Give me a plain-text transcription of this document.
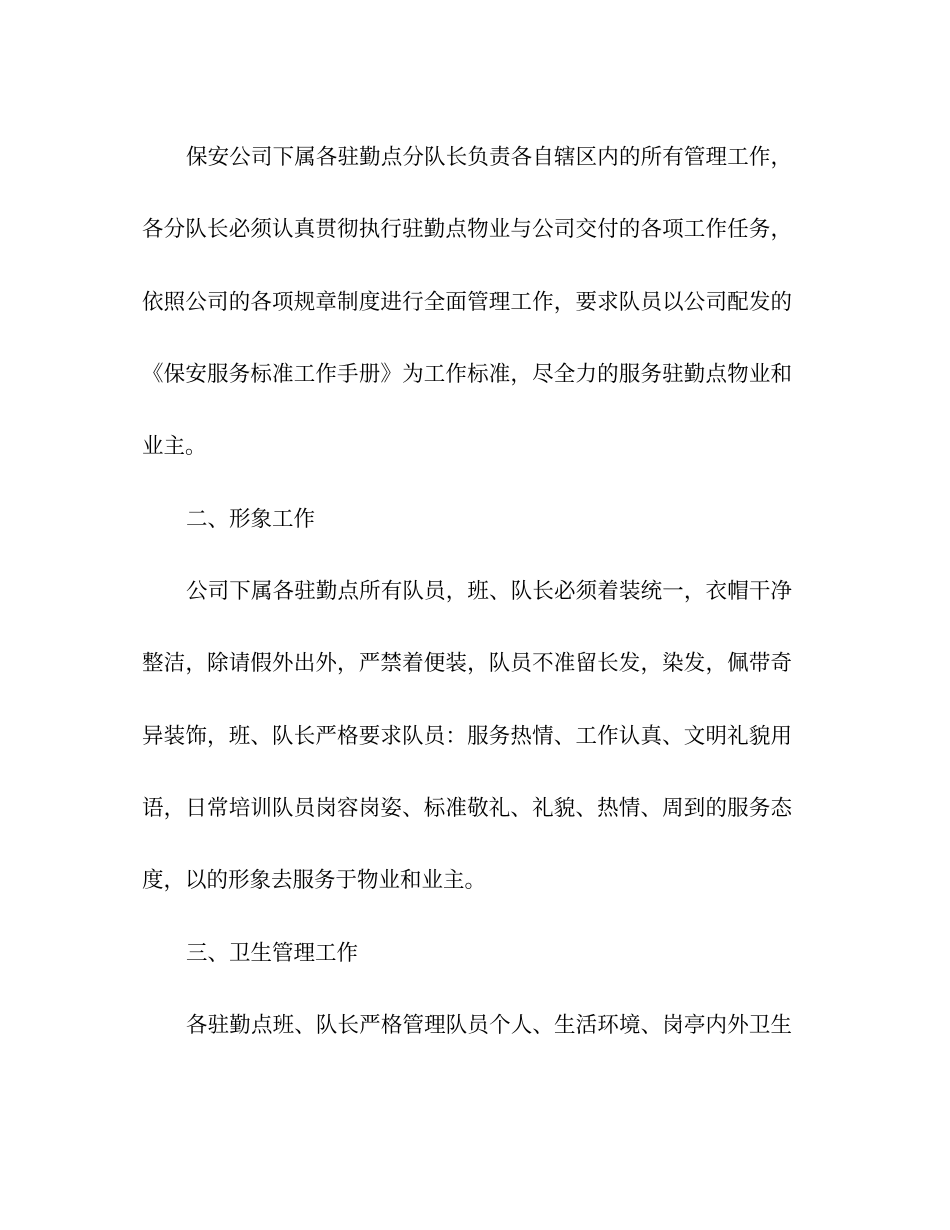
保安公司下属各驻勤点分队长负责各自辖区内的所有管理工作，

各分队长必须认真贯彻执行驻勤点物业与公司交付的各项工作任务，

依照公司的各项规章制度进行全面管理工作，要求队员以公司配发的

《保安服务标准工作手册》为工作标准，尽全力的服务驻勤点物业和

业主。

二、形象工作

公司下属各驻勤点所有队员，班、队长必须着装统一，衣帽干净

整洁，除请假外出外，严禁着便装，队员不准留长发，染发，佩带奇

异装饰，班、队长严格要求队员：服务热情、工作认真、文明礼貌用

语，日常培训队员岗容岗姿、标准敬礼、礼貌、热情、周到的服务态

度，以的形象去服务于物业和业主。

三、卫生管理工作

各驻勤点班、队长严格管理队员个人、生活环境、岗亭内外卫生
